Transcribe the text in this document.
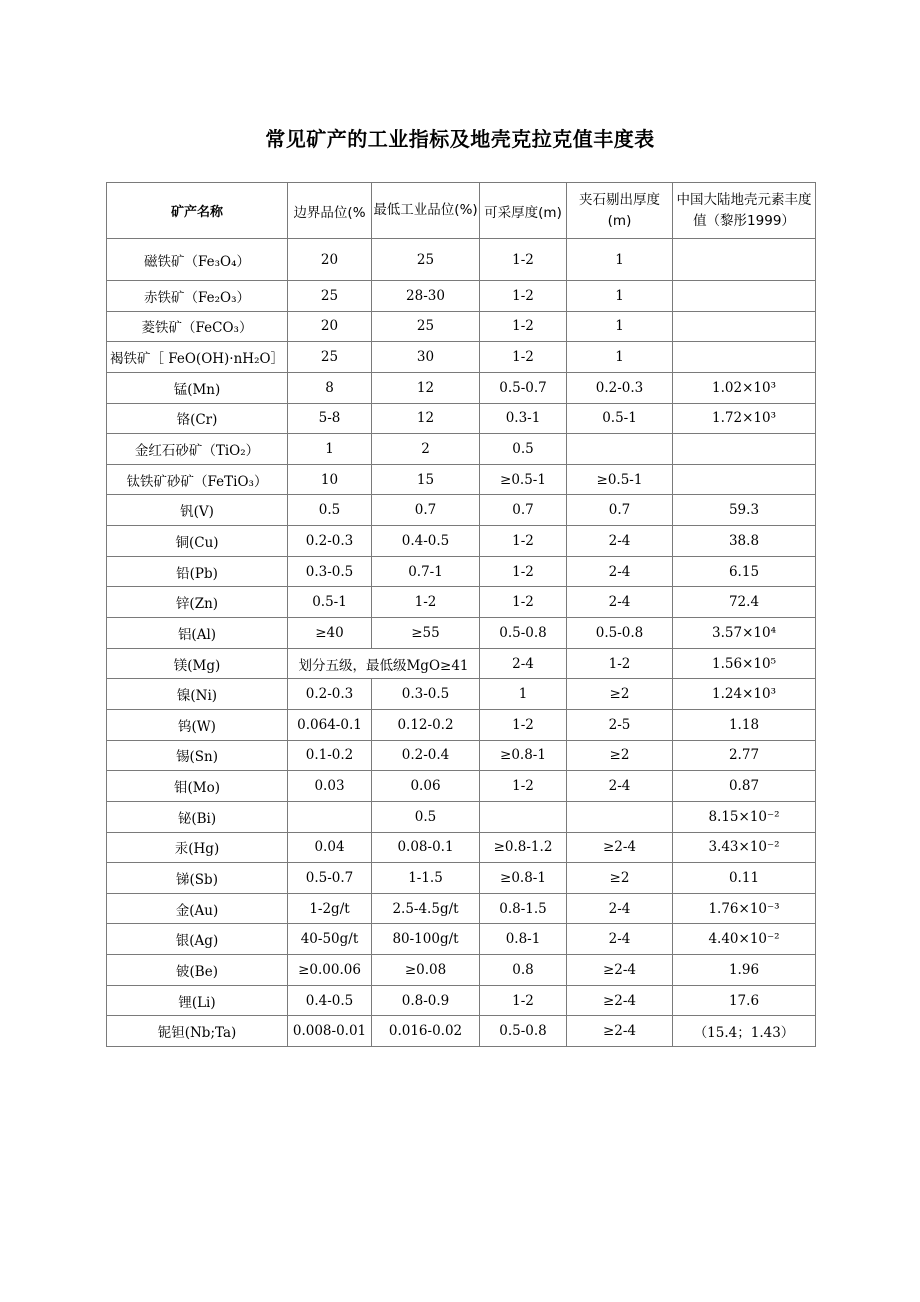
常见矿产的工业指标及地壳克拉克值丰度表
矿产名称	边界品位(%	最低工业品位(%)	可采厚度(m)	夹石剔出厚度(m)	中国大陆地壳元素丰度值（黎彤1999）
磁铁矿（Fe₃O₄）	20	25	1-2	1	
赤铁矿（Fe₂O₃）	25	28-30	1-2	1	
菱铁矿（FeCO₃）	20	25	1-2	1	
褐铁矿［ FeO(OH)·nH₂O］	25	30	1-2	1	
锰(Mn)	8	12	0.5-0.7	0.2-0.3	1.02×10³
铬(Cr)	5-8	12	0.3-1	0.5-1	1.72×10³
金红石砂矿（TiO₂）	1	2	0.5		
钛铁矿砂矿（FeTiO₃）	10	15	≥0.5-1	≥0.5-1	
钒(V)	0.5	0.7	0.7	0.7	59.3
铜(Cu)	0.2-0.3	0.4-0.5	1-2	2-4	38.8
铅(Pb)	0.3-0.5	0.7-1	1-2	2-4	6.15
锌(Zn)	0.5-1	1-2	1-2	2-4	72.4
铝(Al)	≥40	≥55	0.5-0.8	0.5-0.8	3.57×10⁴
镁(Mg)	划分五级，最低级MgO≥41		2-4	1-2	1.56×10⁵
镍(Ni)	0.2-0.3	0.3-0.5	1	≥2	1.24×10³
钨(W)	0.064-0.1	0.12-0.2	1-2	2-5	1.18
锡(Sn)	0.1-0.2	0.2-0.4	≥0.8-1	≥2	2.77
钼(Mo)	0.03	0.06	1-2	2-4	0.87
铋(Bi)		0.5			8.15×10⁻²
汞(Hg)	0.04	0.08-0.1	≥0.8-1.2	≥2-4	3.43×10⁻²
锑(Sb)	0.5-0.7	1-1.5	≥0.8-1	≥2	0.11
金(Au)	1-2g/t	2.5-4.5g/t	0.8-1.5	2-4	1.76×10⁻³
银(Ag)	40-50g/t	80-100g/t	0.8-1	2-4	4.40×10⁻²
铍(Be)	≥0.00.06	≥0.08	0.8	≥2-4	1.96
锂(Li)	0.4-0.5	0.8-0.9	1-2	≥2-4	17.6
铌钽(Nb;Ta)	0.008-0.01	0.016-0.02	0.5-0.8	≥2-4	（15.4；1.43）
